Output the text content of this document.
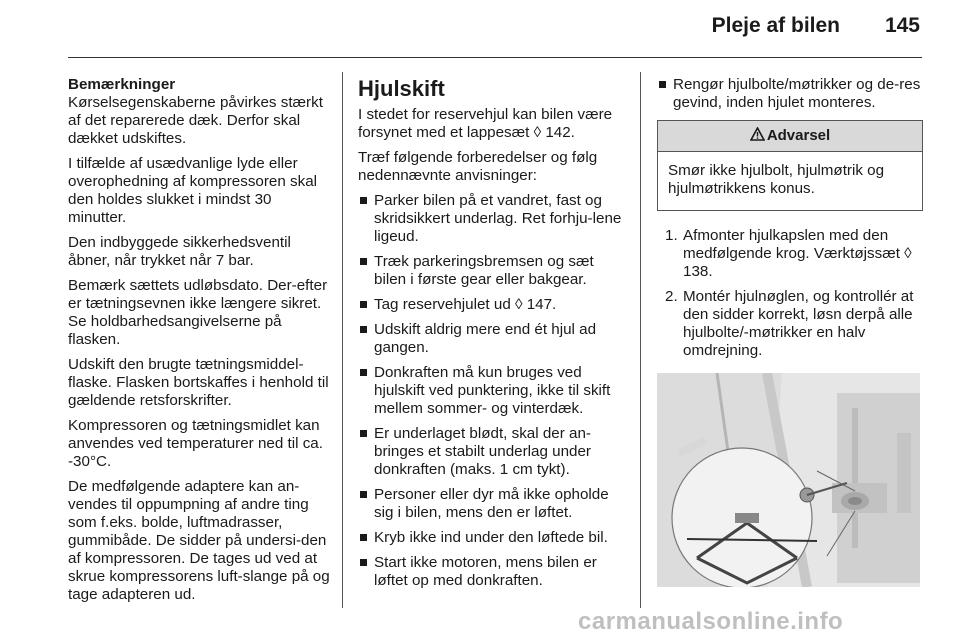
Pleje af bilen 145

Bemærkninger

Kørselsegenskaberne påvirkes stærkt af det reparerede dæk. Derfor skal dækket udskiftes.

I tilfælde af usædvanlige lyde eller overophedning af kompressoren skal den holdes slukket i mindst 30 minutter.

Den indbyggede sikkerhedsventil åbner, når trykket når 7 bar.

Bemærk sættets udløbsdato. Der-efter er tætningsevnen ikke længere sikret. Se holdbarhedsangivelserne på flasken.

Udskift den brugte tætningsmiddel-flaske. Flasken bortskaffes i henhold til gældende retsforskrifter.

Kompressoren og tætningsmidlet kan anvendes ved temperaturer ned til ca. -30°C.

De medfølgende adaptere kan an-vendes til oppumpning af andre ting som f.eks. bolde, luftmadrasser, gummibåde. De sidder på undersi-den af kompressoren. De tages ud ved at skrue kompressorens luft-slange på og tage adapteren ud.

Hjulskift

I stedet for reservehjul kan bilen være forsynet med et lappesæt ◊ 142.

Træf følgende forberedelser og følg nedennævnte anvisninger:

Parker bilen på et vandret, fast og skridsikkert underlag. Ret forhju-lene ligeud.
Træk parkeringsbremsen og sæt bilen i første gear eller bakgear.
Tag reservehjulet ud ◊ 147.
Udskift aldrig mere end ét hjul ad gangen.
Donkraften må kun bruges ved hjulskift ved punktering, ikke til skift mellem sommer- og vinterdæk.
Er underlaget blødt, skal der an-bringes et stabilt underlag under donkraften (maks. 1 cm tykt).
Personer eller dyr må ikke opholde sig i bilen, mens den er løftet.
Kryb ikke ind under den løftede bil.
Start ikke motoren, mens bilen er løftet op med donkraften.
Rengør hjulbolte/møtrikker og de-res gevind, inden hjulet monteres.
Advarsel
Smør ikke hjulbolt, hjulmøtrik og hjulmøtrikkens konus.
1. Afmonter hjulkapslen med den medfølgende krog. Værktøjssæt ◊ 138.
2. Montér hjulnøglen, og kontrollér at den sidder korrekt, løsn derpå alle hjulbolte/-møtrikker en halv omdrejning.
carmanualsonline.info
